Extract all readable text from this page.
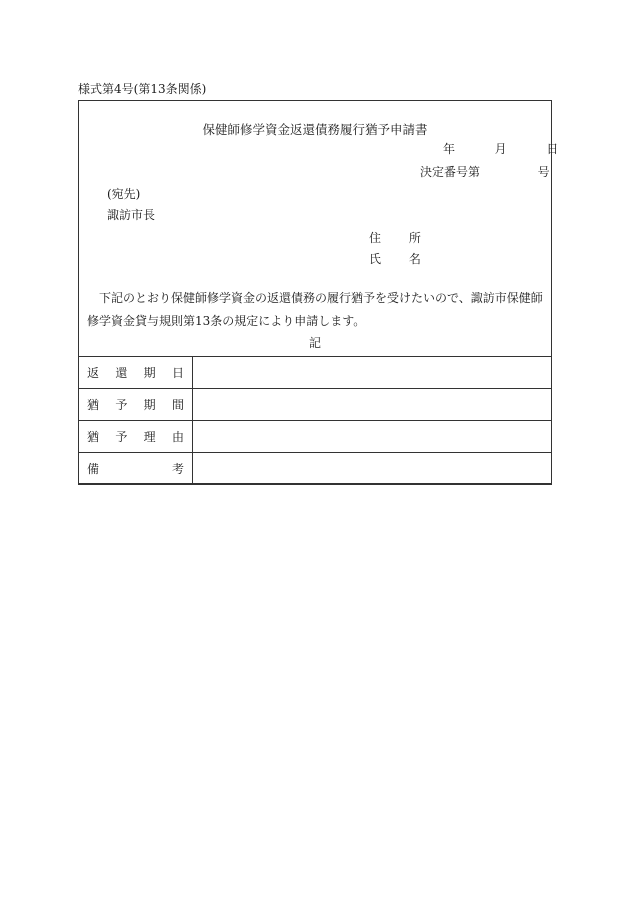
様式第4号(第13条関係)
保健師修学資金返還債務履行猶予申請書
年	月	日
決定番号第	号
(宛先)
諏訪市長
住 所
氏 名
下記のとおり保健師修学資金の返還債務の履行猶予を受けたいので、諏訪市保健師修学資金貸与規則第13条の規定により申請します。
記
返 還 期 日	

猶 予 期 間	

猶 予 理 由	

備 考	
